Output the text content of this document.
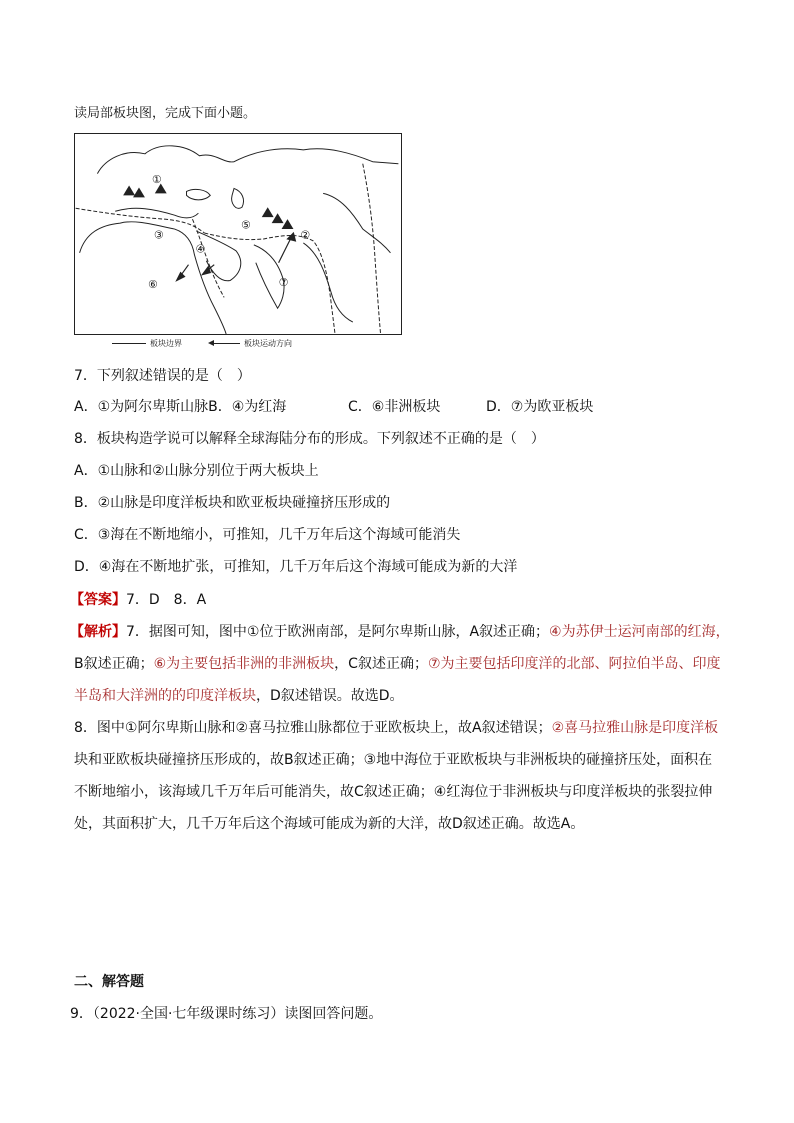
读局部板块图，完成下面小题。
①
②
③
④
⑤
⑥	⑦
板块边界	板块运动方向
7．下列叙述错误的是（　）
A．①为阿尔卑斯山脉B．④为红海	C．⑥非洲板块	D．⑦为欧亚板块
8．板块构造学说可以解释全球海陆分布的形成。下列叙述不正确的是（　）
A．①山脉和②山脉分别位于两大板块上
B．②山脉是印度洋板块和欧亚板块碰撞挤压形成的
C．③海在不断地缩小，可推知，几千万年后这个海域可能消失
D．④海在不断地扩张，可推知，几千万年后这个海域可能成为新的大洋
【答案】7．D　8．A
【解析】7．据图可知，图中①位于欧洲南部，是阿尔卑斯山脉，A叙述正确；④为苏伊士运河南部的红海，
B叙述正确；⑥为主要包括非洲的非洲板块，C叙述正确；⑦为主要包括印度洋的北部、阿拉伯半岛、印度
半岛和大洋洲的的印度洋板块，D叙述错误。故选D。
8．图中①阿尔卑斯山脉和②喜马拉雅山脉都位于亚欧板块上，故A叙述错误；②喜马拉雅山脉是印度洋板
块和亚欧板块碰撞挤压形成的，故B叙述正确；③地中海位于亚欧板块与非洲板块的碰撞挤压处，面积在
不断地缩小，该海域几千万年后可能消失，故C叙述正确；④红海位于非洲板块与印度洋板块的张裂拉伸
处，其面积扩大，几千万年后这个海域可能成为新的大洋，故D叙述正确。故选A。
二、解答题
9．（2022·全国·七年级课时练习）读图回答问题。
